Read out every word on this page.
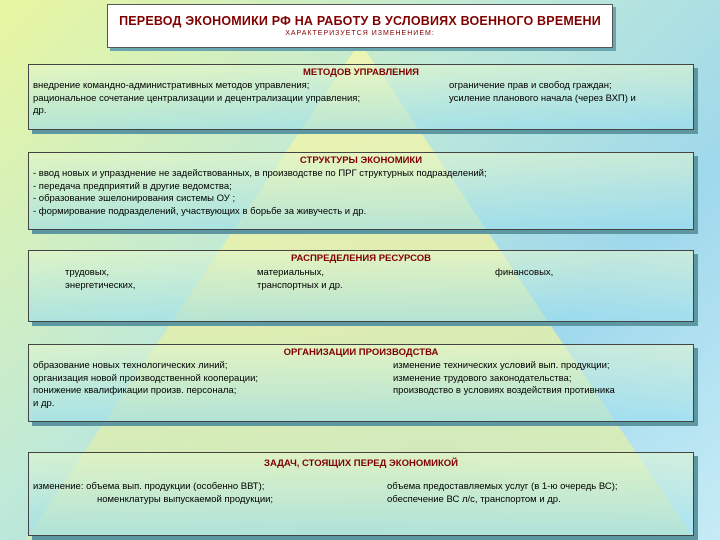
ПЕРЕВОД ЭКОНОМИКИ РФ НА РАБОТУ В УСЛОВИЯХ ВОЕННОГО ВРЕМЕНИ
ХАРАКТЕРИЗУЕТСЯ ИЗМЕНЕНИЕМ:
МЕТОДОВ УПРАВЛЕНИЯ
внедрение командно-административных методов управления;
рациональное сочетание централизации и децентрализации управления;
др.
ограничение прав и свобод граждан;
усиление планового начала (через ВХП) и
СТРУКТУРЫ ЭКОНОМИКИ
- ввод новых и упразднение не задействованных, в производстве по ПРГ структурных подразделений;
- передача предприятий в другие ведомства;
- образование эшелонирования системы ОУ ;
- формирование подразделений, участвующих в борьбе за живучесть и др.
РАСПРЕДЕЛЕНИЯ РЕСУРСОВ
трудовых,
энергетических,
материальных,
транспортных и др.
финансовых,
ОРГАНИЗАЦИИ ПРОИЗВОДСТВА
образование новых технологических линий;
организация новой производственной кооперации;
понижение квалификации произв. персонала;
и др.
изменение технических условий вып. продукции;
изменение трудового законодательства;
производство в условиях воздействия противника
ЗАДАЧ, СТОЯЩИХ ПЕРЕД ЭКОНОМИКОЙ
изменение: объема вып. продукции (особенно ВВТ);
номенклатуры выпускаемой продукции;
объема предоставляемых услуг (в 1-ю очередь ВС);
обеспечение ВС л/с, транспортом и др.
